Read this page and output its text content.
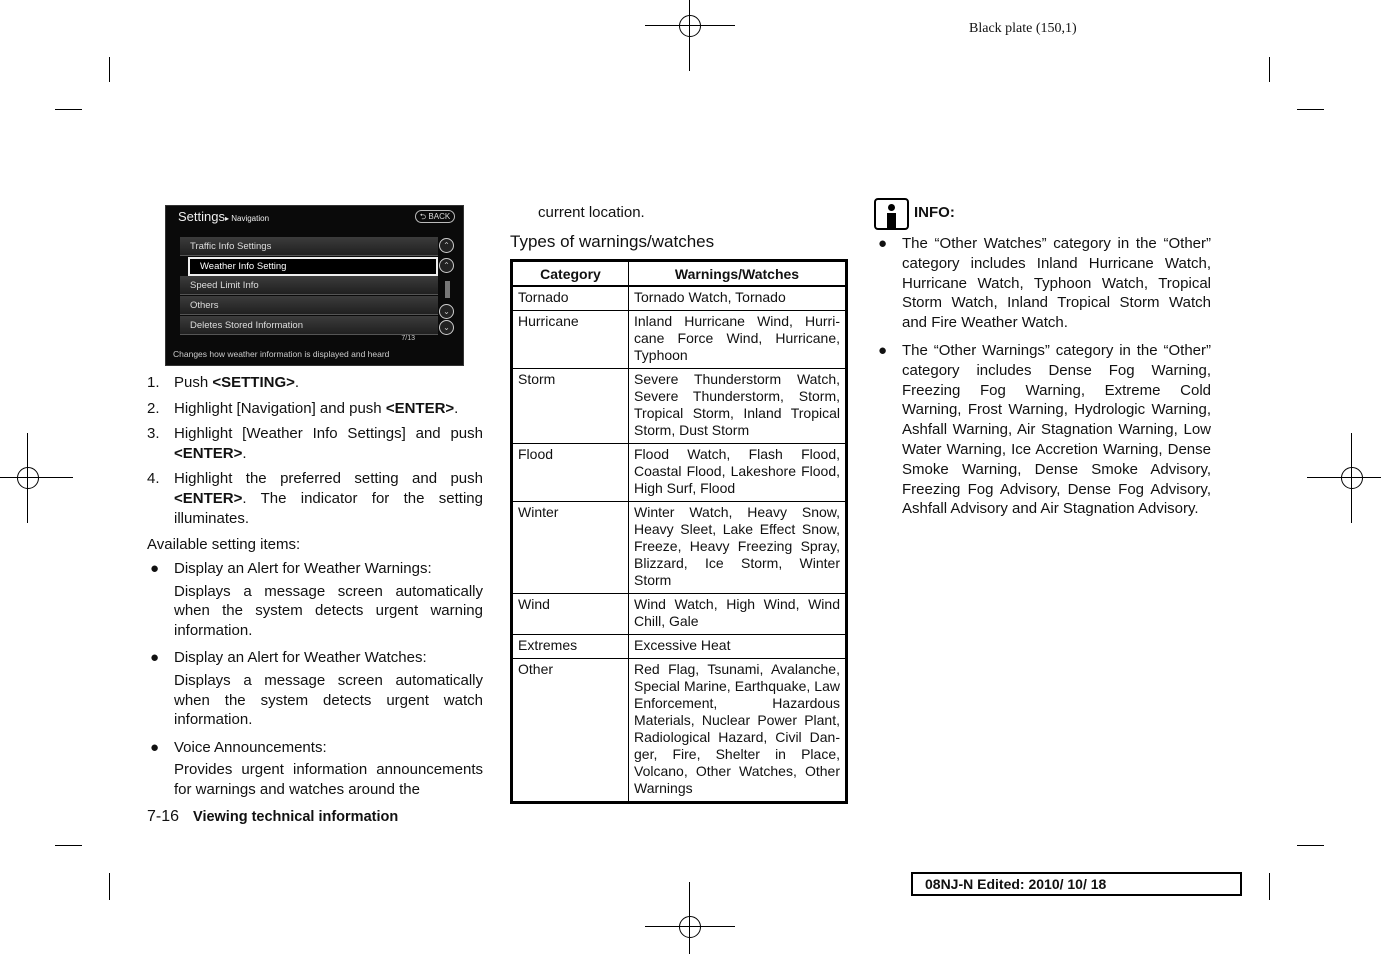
Black plate (150,1)
Settings▸ Navigation	⮌ BACK
Traffic Info Settings
Weather Info Setting
Speed Limit Info
Others
Deletes Stored Information
⌃
⌃
⌄
⌄
7/13
Changes how weather information is displayed and heard
1. Push <SETTING>.
2. Highlight [Navigation] and push <ENTER>.
3. Highlight [Weather Info Settings] and push <ENTER>.
4. Highlight the preferred setting and push <ENTER>. The indicator for the setting illuminates.
Available setting items:
● Display an Alert for Weather Warnings:
Displays a message screen automatically when the system detects urgent warning information.
● Display an Alert for Weather Watches:
Displays a message screen automatically when the system detects urgent watch information.
● Voice Announcements:
Provides urgent information announcements for warnings and watches around the
7-16 Viewing technical information
current location.
Types of warnings/watches
Category	Warnings/Watches
Tornado	Tornado Watch, Tornado
Hurricane	Inland Hurricane Wind, Hurricane Force Wind, Hurricane, Typhoon
Storm	Severe Thunderstorm Watch, Severe Thunderstorm, Storm, Tropical Storm, Inland Tropical Storm, Dust Storm
Flood	Flood Watch, Flash Flood, Coastal Flood, Lakeshore Flood, High Surf, Flood
Winter	Winter Watch, Heavy Snow, Heavy Sleet, Lake Effect Snow, Freeze, Heavy Freezing Spray, Blizzard, Ice Storm, Winter Storm
Wind	Wind Watch, High Wind, Wind Chill, Gale
Extremes	Excessive Heat
Other	Red Flag, Tsunami, Avalanche, Special Marine, Earthquake, Law Enforcement, Hazardous Materials, Nuclear Power Plant, Radiological Hazard, Civil Danger, Fire, Shelter in Place, Volcano, Other Watches, Other Warnings
INFO:
● The “Other Watches” category in the “Other” category includes Inland Hurricane Watch, Hurricane Watch, Typhoon Watch, Tropical Storm Watch, Inland Tropical Storm Watch and Fire Weather Watch.
● The “Other Warnings” category in the “Other” category includes Dense Fog Warning, Freezing Fog Warning, Extreme Cold Warning, Frost Warning, Hydrologic Warning, Ashfall Warning, Air Stagnation Warning, Low Water Warning, Ice Accretion Warning, Dense Smoke Warning, Dense Smoke Advisory, Freezing Fog Advisory, Dense Fog Advisory, Ashfall Advisory and Air Stagnation Advisory.
08NJ-N Edited: 2010/ 10/ 18
